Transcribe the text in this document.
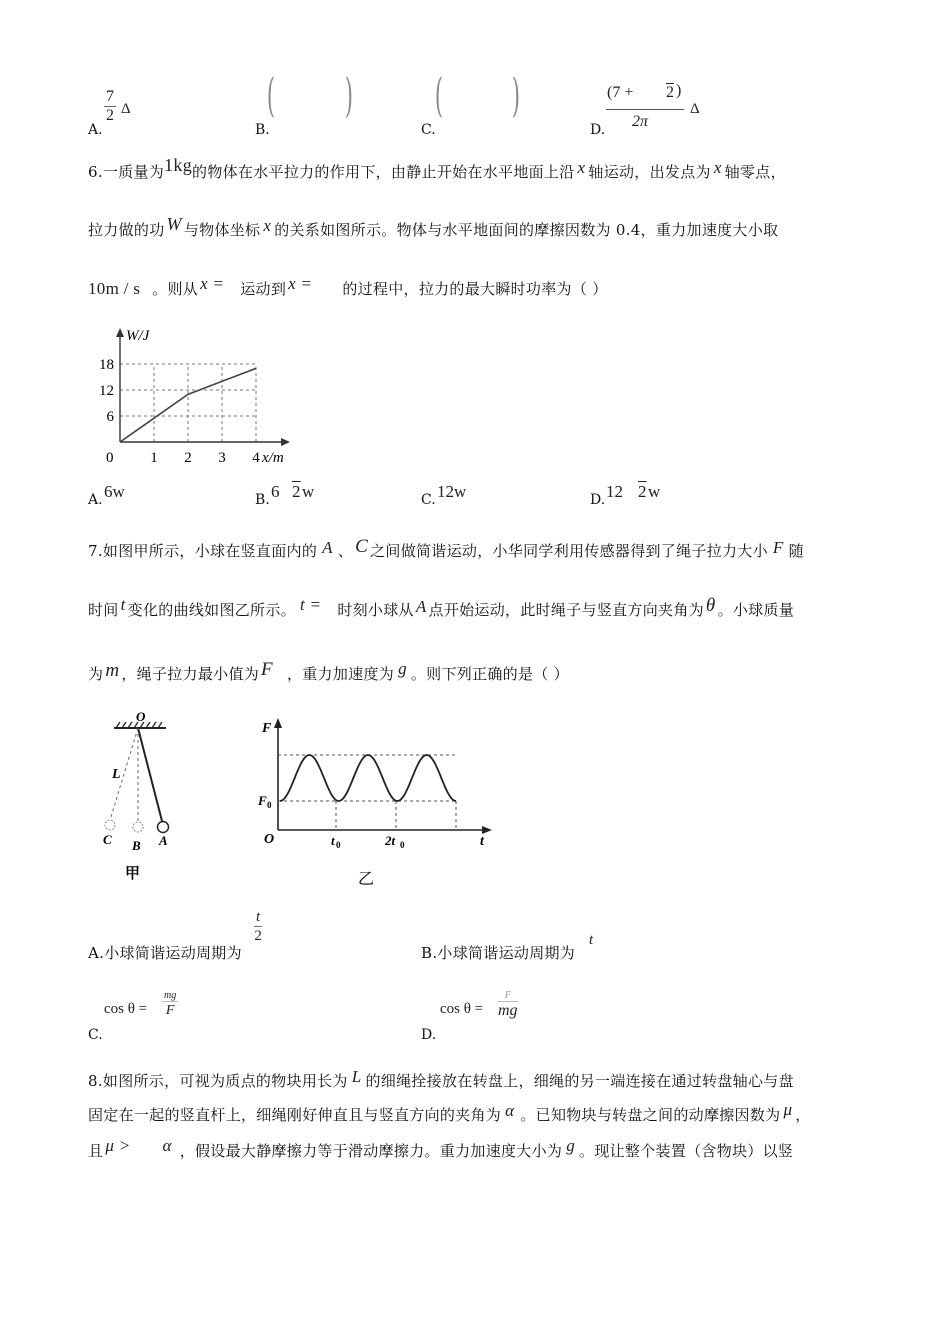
A.
$\frac{7}{2}$ Δ
B.
( )
C.
( )
D.
(7 + 2 )
2π
Δ
6.一质量为1kg的物体在水平拉力的作用下，由静止开始在水平地面上沿 x 轴运动，出发点为 x 轴零点，
拉力做的功 W 与物体坐标 x 的关系如图所示。物体与水平地面间的摩擦因数为 0.4，重力加速度大小取
10m / s 。则从 x = 运动到 x = 的过程中，拉力的最大瞬时功率为（ ）
W/J
x/m
0
6
12
18
1 2 3 4
A. 6w	B. 6 2 w	C. 12w	D. 12 2 w
7.如图甲所示，小球在竖直面内的 A 、 C 之间做简谐运动，小华同学利用传感器得到了绳子拉力大小 F 随
时间 t 变化的曲线如图乙所示。 t = 时刻小球从 A 点开始运动，此时绳子与竖直方向夹角为 θ 。小球质量
为 m ，绳子拉力最小值为 F ，重力加速度为 g 。则下列正确的是（ ）
O
L
C B A
甲
F
F 0
O	t 0	2t 0	t
乙
A.小球简谐运动周期为
$\frac{t}{2}$
B.小球简谐运动周期为
t
$\cos \theta = \frac{mg}{F}$
C.
$\cos \theta = \frac{F}{mg}$
D.
8.如图所示，可视为质点的物块用长为 L 的细绳拴接放在转盘上，细绳的另一端连接在通过转盘轴心与盘
固定在一起的竖直杆上，细绳刚好伸直且与竖直方向的夹角为 α 。已知物块与转盘之间的动摩擦因数为 μ ，
且 μ > α ，假设最大静摩擦力等于滑动摩擦力。重力加速度大小为 g 。现让整个装置（含物块）以竖
